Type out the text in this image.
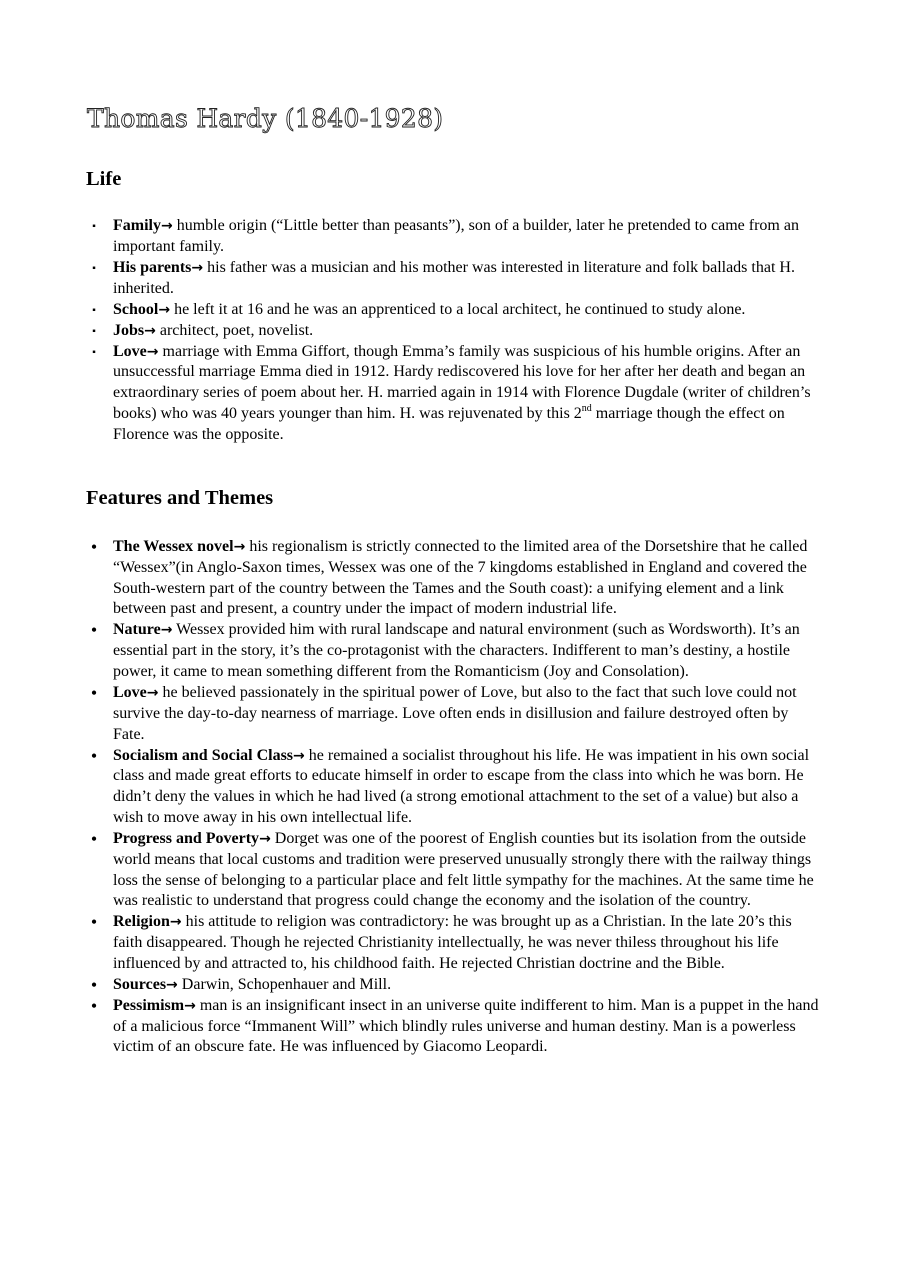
Thomas Hardy (1840-1928)
Life
▪	Family→ humble origin (“Little better than peasants”), son of a builder, later he pretended to came from an important family.
▪	His parents→ his father was a musician and his mother was interested in literature and folk ballads that H. inherited.
▪	School→ he left it at 16 and he was an apprenticed to a local architect, he continued to study alone.
▪	Jobs→ architect, poet, novelist.
▪	Love→ marriage with Emma Giffort, though Emma’s family was suspicious of his humble origins. After an unsuccessful marriage Emma died in 1912. Hardy rediscovered his love for her after her death and began an extraordinary series of poem about her. H. married again in 1914 with Florence Dugdale (writer of children’s books) who was 40 years younger than him. H. was rejuvenated by this 2nd marriage though the effect on Florence was the opposite.
Features and Themes
• The Wessex novel→ his regionalism is strictly connected to the limited area of the Dorsetshire that he called “Wessex”(in Anglo-Saxon times, Wessex was one of the 7 kingdoms established in England and covered the South-western part of the country between the Tames and the South coast): a unifying element and a link between past and present, a country under the impact of modern industrial life.
• Nature→ Wessex provided him with rural landscape and natural environment (such as Wordsworth). It’s an essential part in the story, it’s the co-protagonist with the characters. Indifferent to man’s destiny, a hostile power, it came to mean something different from the Romanticism (Joy and Consolation).
• Love→ he believed passionately in the spiritual power of Love, but also to the fact that such love could not survive the day-to-day nearness of marriage. Love often ends in disillusion and failure destroyed often by Fate.
• Socialism and Social Class→ he remained a socialist throughout his life. He was impatient in his own social class and made great efforts to educate himself in order to escape from the class into which he was born. He didn’t deny the values in which he had lived (a strong emotional attachment to the set of a value) but also a wish to move away in his own intellectual life.
• Progress and Poverty→ Dorget was one of the poorest of English counties but its isolation from the outside world means that local customs and tradition were preserved unusually strongly there with the railway things loss the sense of belonging to a particular place and felt little sympathy for the machines. At the same time he was realistic to understand that progress could change the economy and the isolation of the country.
• Religion→ his attitude to religion was contradictory: he was brought up as a Christian. In the late 20’s this faith disappeared. Though he rejected Christianity intellectually, he was never thiless throughout his life influenced by and attracted to, his childhood faith. He rejected Christian doctrine and the Bible.
• Sources→ Darwin, Schopenhauer and Mill.
• Pessimism→ man is an insignificant insect in an universe quite indifferent to him. Man is a puppet in the hand of a malicious force “Immanent Will” which blindly rules universe and human destiny. Man is a powerless victim of an obscure fate. He was influenced by Giacomo Leopardi.
